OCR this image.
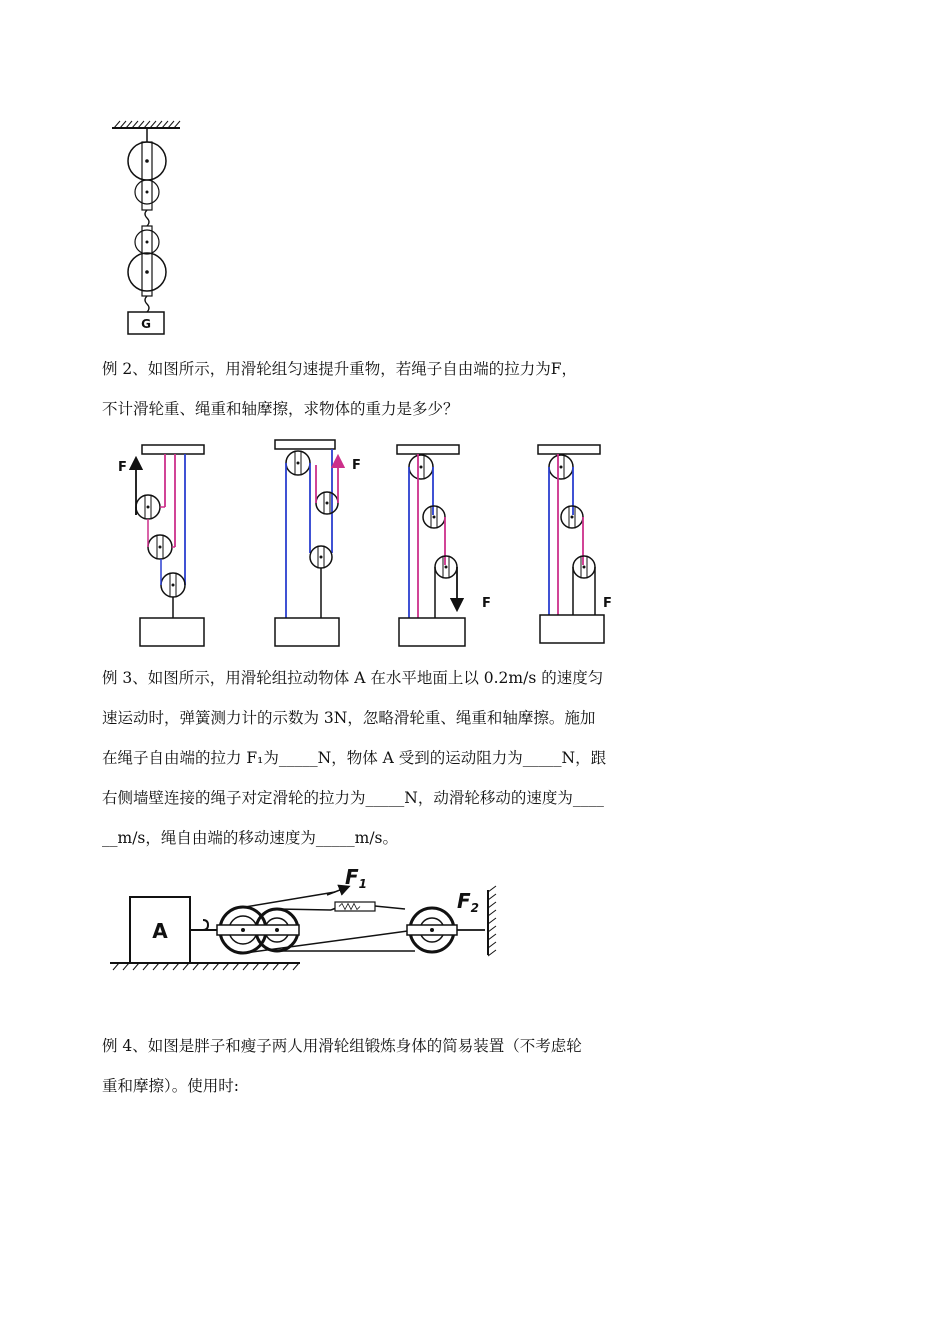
G

例 2、如图所示，用滑轮组匀速提升重物，若绳子自由端的拉力为F，

不计滑轮重、绳重和轴摩擦，求物体的重力是多少？

F	F
F	F

例 3、如图所示，用滑轮组拉动物体 A 在水平地面上以 0.2m/s 的速度匀

速运动时，弹簧测力计的示数为 3N，忽略滑轮重、绳重和轴摩擦。施加

在绳子自由端的拉力 F₁为_____N，物体 A 受到的运动阻力为_____N，跟

右侧墙壁连接的绳子对定滑轮的拉力为_____N，动滑轮移动的速度为____

__m/s，绳自由端的移动速度为_____m/s。

A
$F_1$
$F_2$

例 4、如图是胖子和瘦子两人用滑轮组锻炼身体的简易装置（不考虑轮

重和摩擦）。使用时:
